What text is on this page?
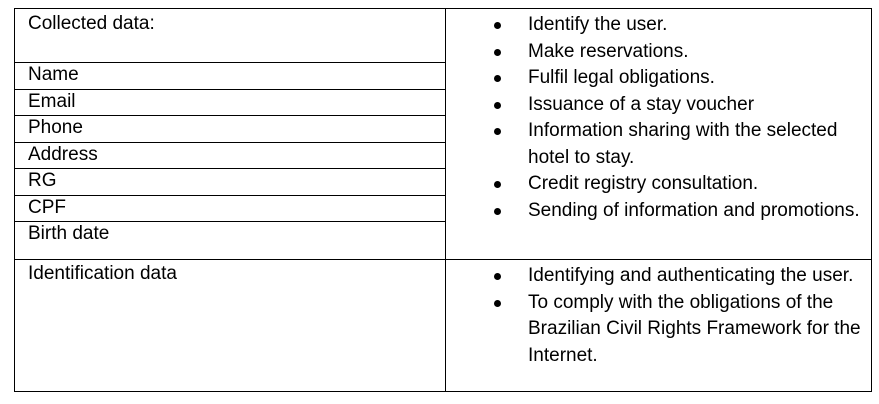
Collected data:
Name
Email
Phone
Address
RG
CPF
Birth date
Identify the user.
Make reservations.
Fulfil legal obligations.
Issuance of a stay voucher
Information sharing with the selected hotel to stay.
Credit registry consultation.
Sending of information and promotions.
Identification data	Identifying and authenticating the user.
To comply with the obligations of the Brazilian Civil Rights Framework for the Internet.
